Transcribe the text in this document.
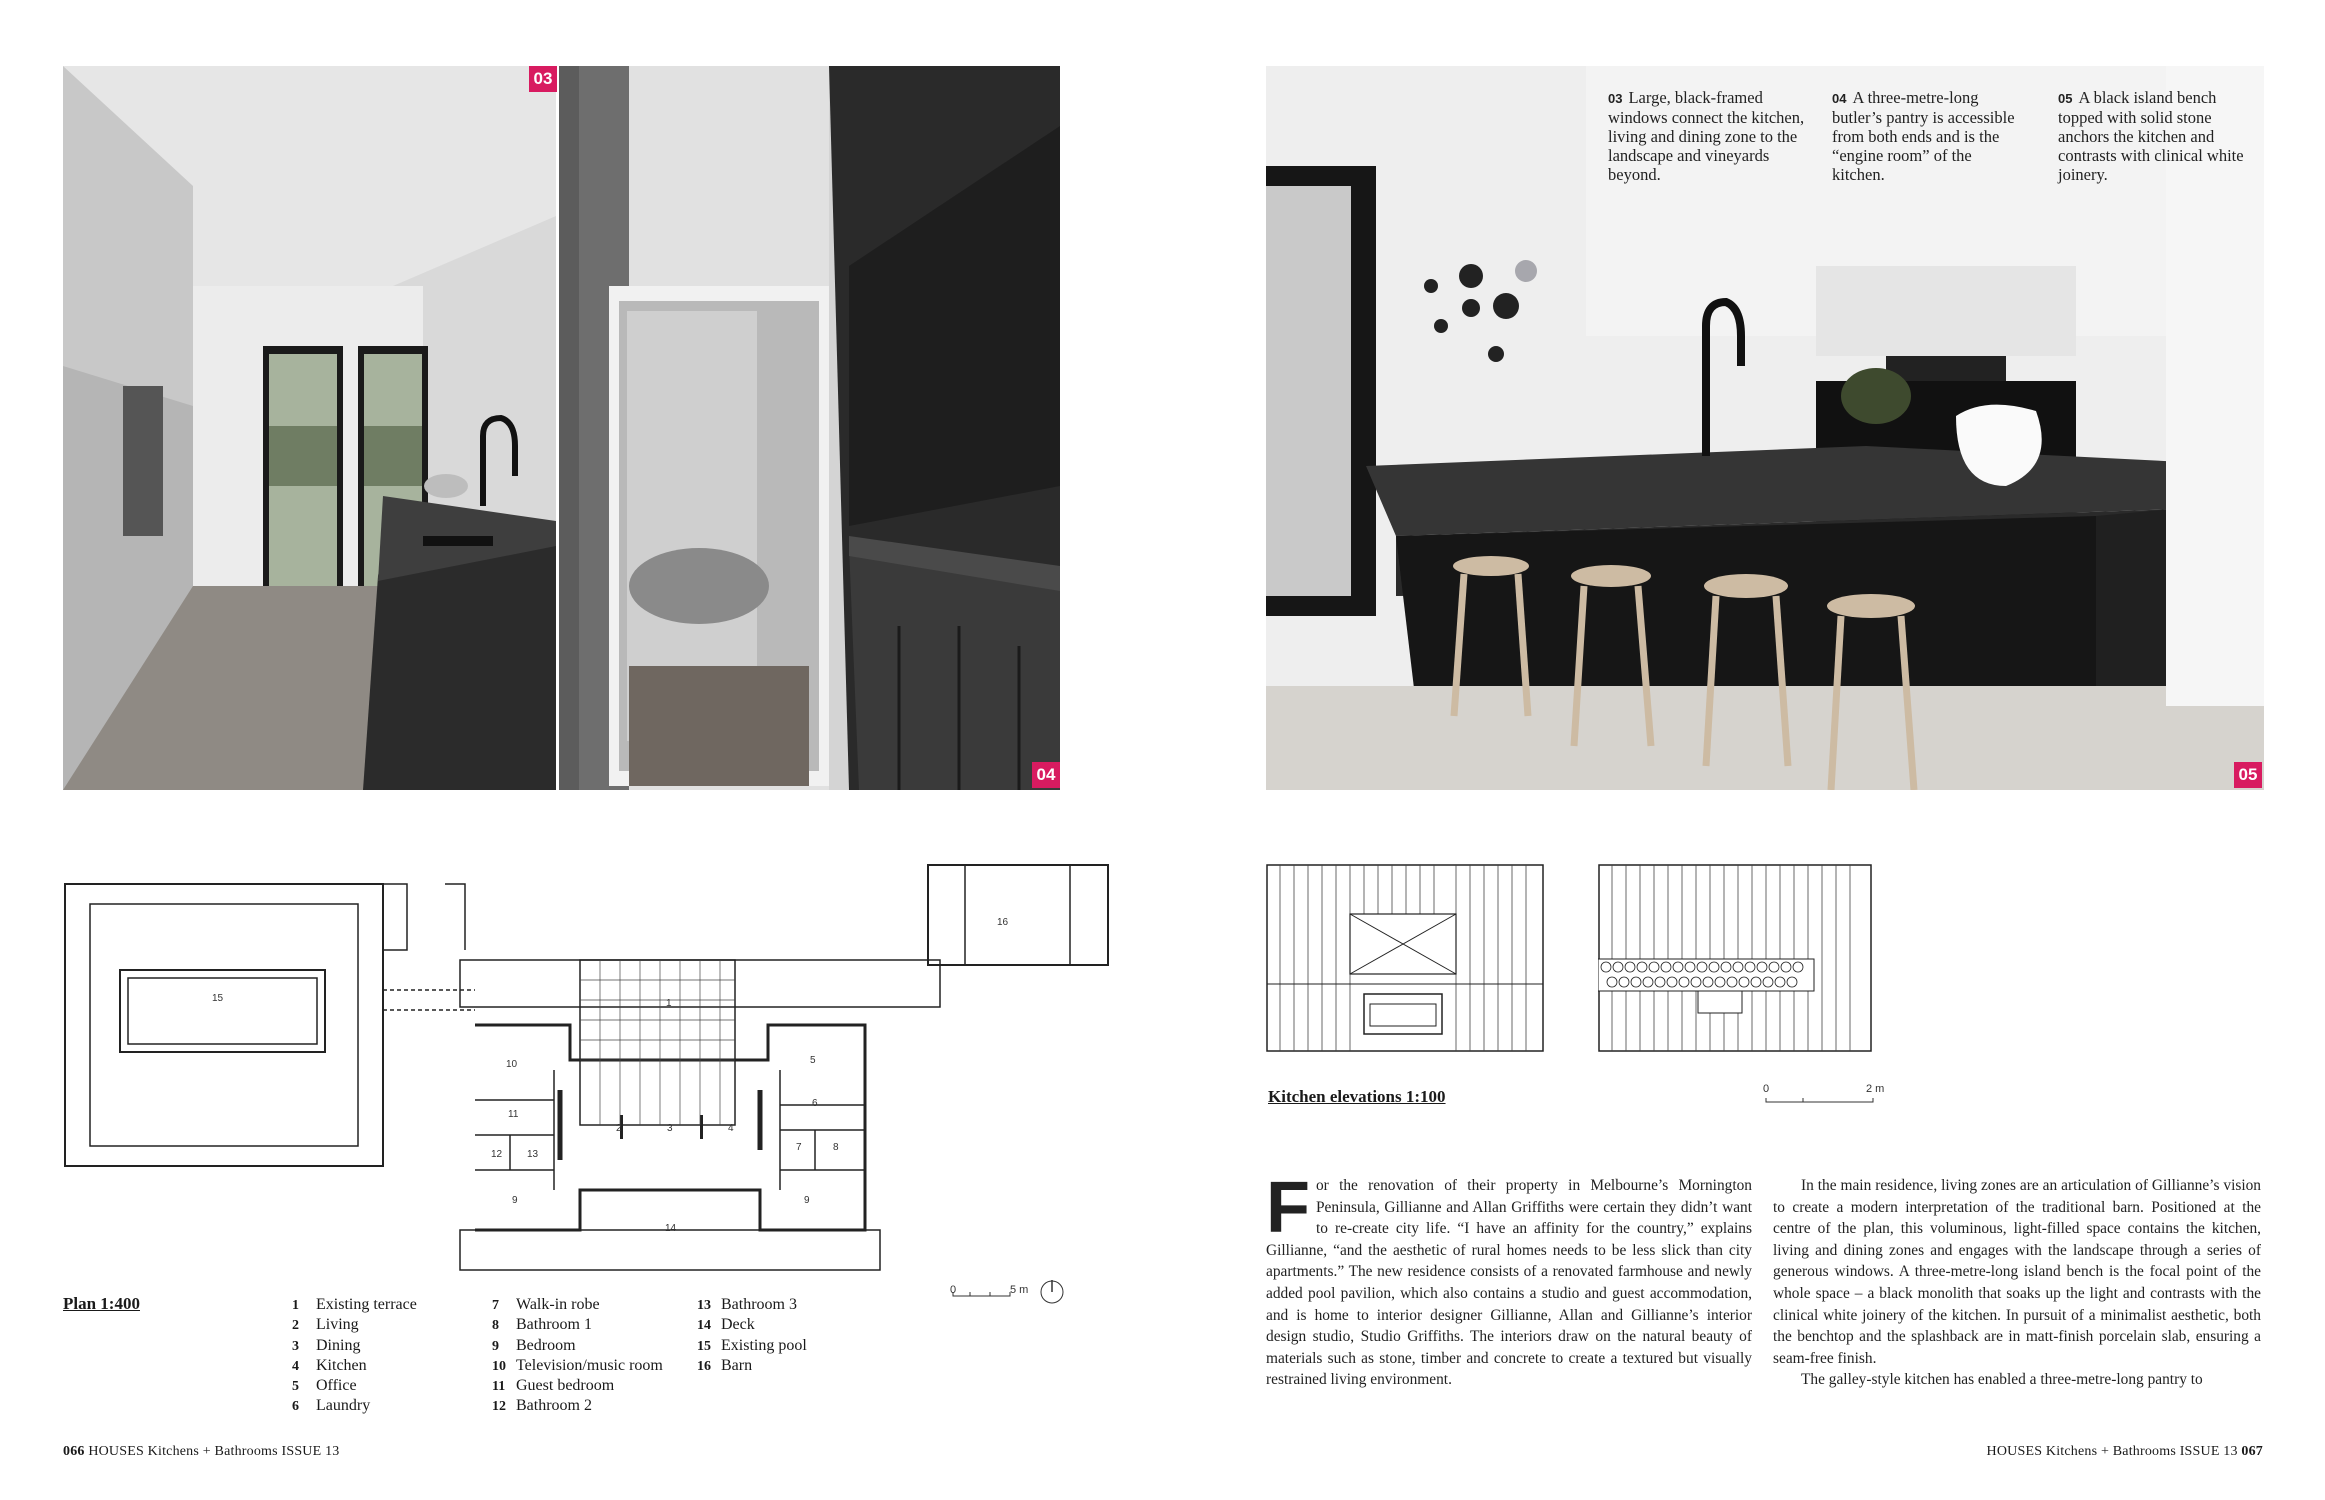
03
04	05
03 Large, black-framed windows connect the kitchen, living and dining zone to the landscape and vineyards beyond.
04 A three-metre-long butler’s pantry is accessible from both ends and is the “engine room” of the kitchen.
05 A black island bench topped with solid stone anchors the kitchen and contrasts with clinical white joinery.
1
2	3	4
5
6
7	8
9	9
10
11
12 13
14
15
16
0	5 m
Plan 1:400	1 Existing terrace
2 Living
3 Dining
4 Kitchen
5 Office
6 Laundry
7 Walk-in robe
8 Bathroom 1
9 Bedroom
10 Television/music room
11 Guest bedroom
12 Bathroom 2
13 Bathroom 3
14 Deck
15 Existing pool
16 Barn
Kitchen elevations 1:100	0	2 m
For the renovation of their property in Melbourne’s Mornington Peninsula, Gillianne and Allan Griffiths were certain they didn’t want to re-create city life. “I have an affinity for the country,” explains Gillianne, “and the aesthetic of rural homes needs to be less slick than city apartments.” The new residence consists of a renovated farmhouse and newly added pool pavilion, which also contains a studio and guest accommodation, and is home to interior designer Gillianne, Allan and Gillianne’s interior design studio, Studio Griffiths. The interiors draw on the natural beauty of materials such as stone, timber and concrete to create a textured but visually restrained living environment.
In the main residence, living zones are an articulation of Gillianne’s vision to create a modern interpretation of the traditional barn. Positioned at the centre of the plan, this voluminous, light-filled space contains the kitchen, living and dining zones and engages with the landscape through a series of generous windows. A three-metre-long island bench is the focal point of the whole space – a black monolith that soaks up the light and contrasts with the clinical white joinery of the kitchen. In pursuit of a minimalist aesthetic, both the benchtop and the splashback are in matt-finish porcelain slab, ensuring a seam-free finish.
The galley-style kitchen has enabled a three-metre-long pantry to
066 HOUSES Kitchens + Bathrooms ISSUE 13	HOUSES Kitchens + Bathrooms ISSUE 13 067
